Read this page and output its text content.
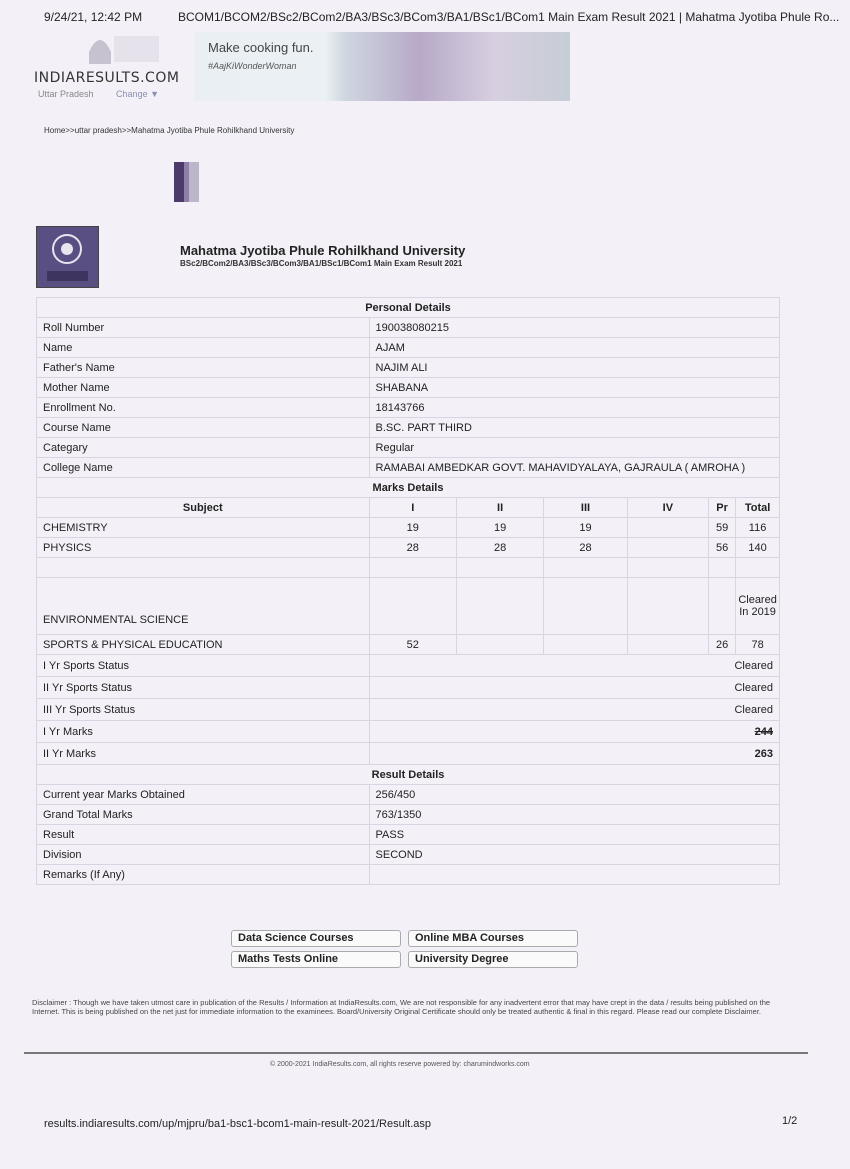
9/24/21, 12:42 PM	BCOM1/BCOM2/BSc2/BCom2/BA3/BSc3/BCom3/BA1/BSc1/BCom1 Main Exam Result 2021 | Mahatma Jyotiba Phule Ro...
INDIARESULTS.COM
Uttar Pradesh	Change ▼
Make cooking fun.
#AajKiWonderWoman
Home>>uttar pradesh>>Mahatma Jyotiba Phule Rohilkhand University
Mahatma Jyotiba Phule Rohilkhand University
BSc2/BCom2/BA3/BSc3/BCom3/BA1/BSc1/BCom1 Main Exam Result 2021
Personal Details						
Roll Number	190038080215					
Name	AJAM					
Father's Name	NAJIM ALI					
Mother Name	SHABANA					
Enrollment No.	18143766					
Course Name	B.SC. PART THIRD					
Categary	Regular					
College Name	RAMABAI AMBEDKAR GOVT. MAHAVIDYALAYA, GAJRAULA ( AMROHA )					
Marks Details						
Subject	I	II	III	IV	Pr	Total
CHEMISTRY	19	19	19		59	116
PHYSICS	28	28	28		56	140

ENVIRONMENTAL SCIENCE						Cleared In 2019
SPORTS & PHYSICAL EDUCATION	52				26	78
I Yr Sports Status	Cleared					
II Yr Sports Status	Cleared					
III Yr Sports Status	Cleared					
I Yr Marks	244					
II Yr Marks	263					
Result Details						
Current year Marks Obtained	256/450					
Grand Total Marks	763/1350					
Result	PASS					
Division	SECOND					
Remarks (If Any)						
Data Science Courses	Online MBA Courses
Maths Tests Online	University Degree
Disclaimer : Though we have taken utmost care in publication of the Results / Information at IndiaResults.com, We are not responsible for any inadvertent error that may have crept in the data / results being published on the Internet. This is being published on the net just for immediate information to the examinees. Board/University Original Certificate should only be treated authentic & final in this regard. Please read our complete Disclaimer.
© 2000-2021 IndiaResults.com, all rights reserve powered by: charumindworks.com
results.indiaresults.com/up/mjpru/ba1-bsc1-bcom1-main-result-2021/Result.asp	1/2
